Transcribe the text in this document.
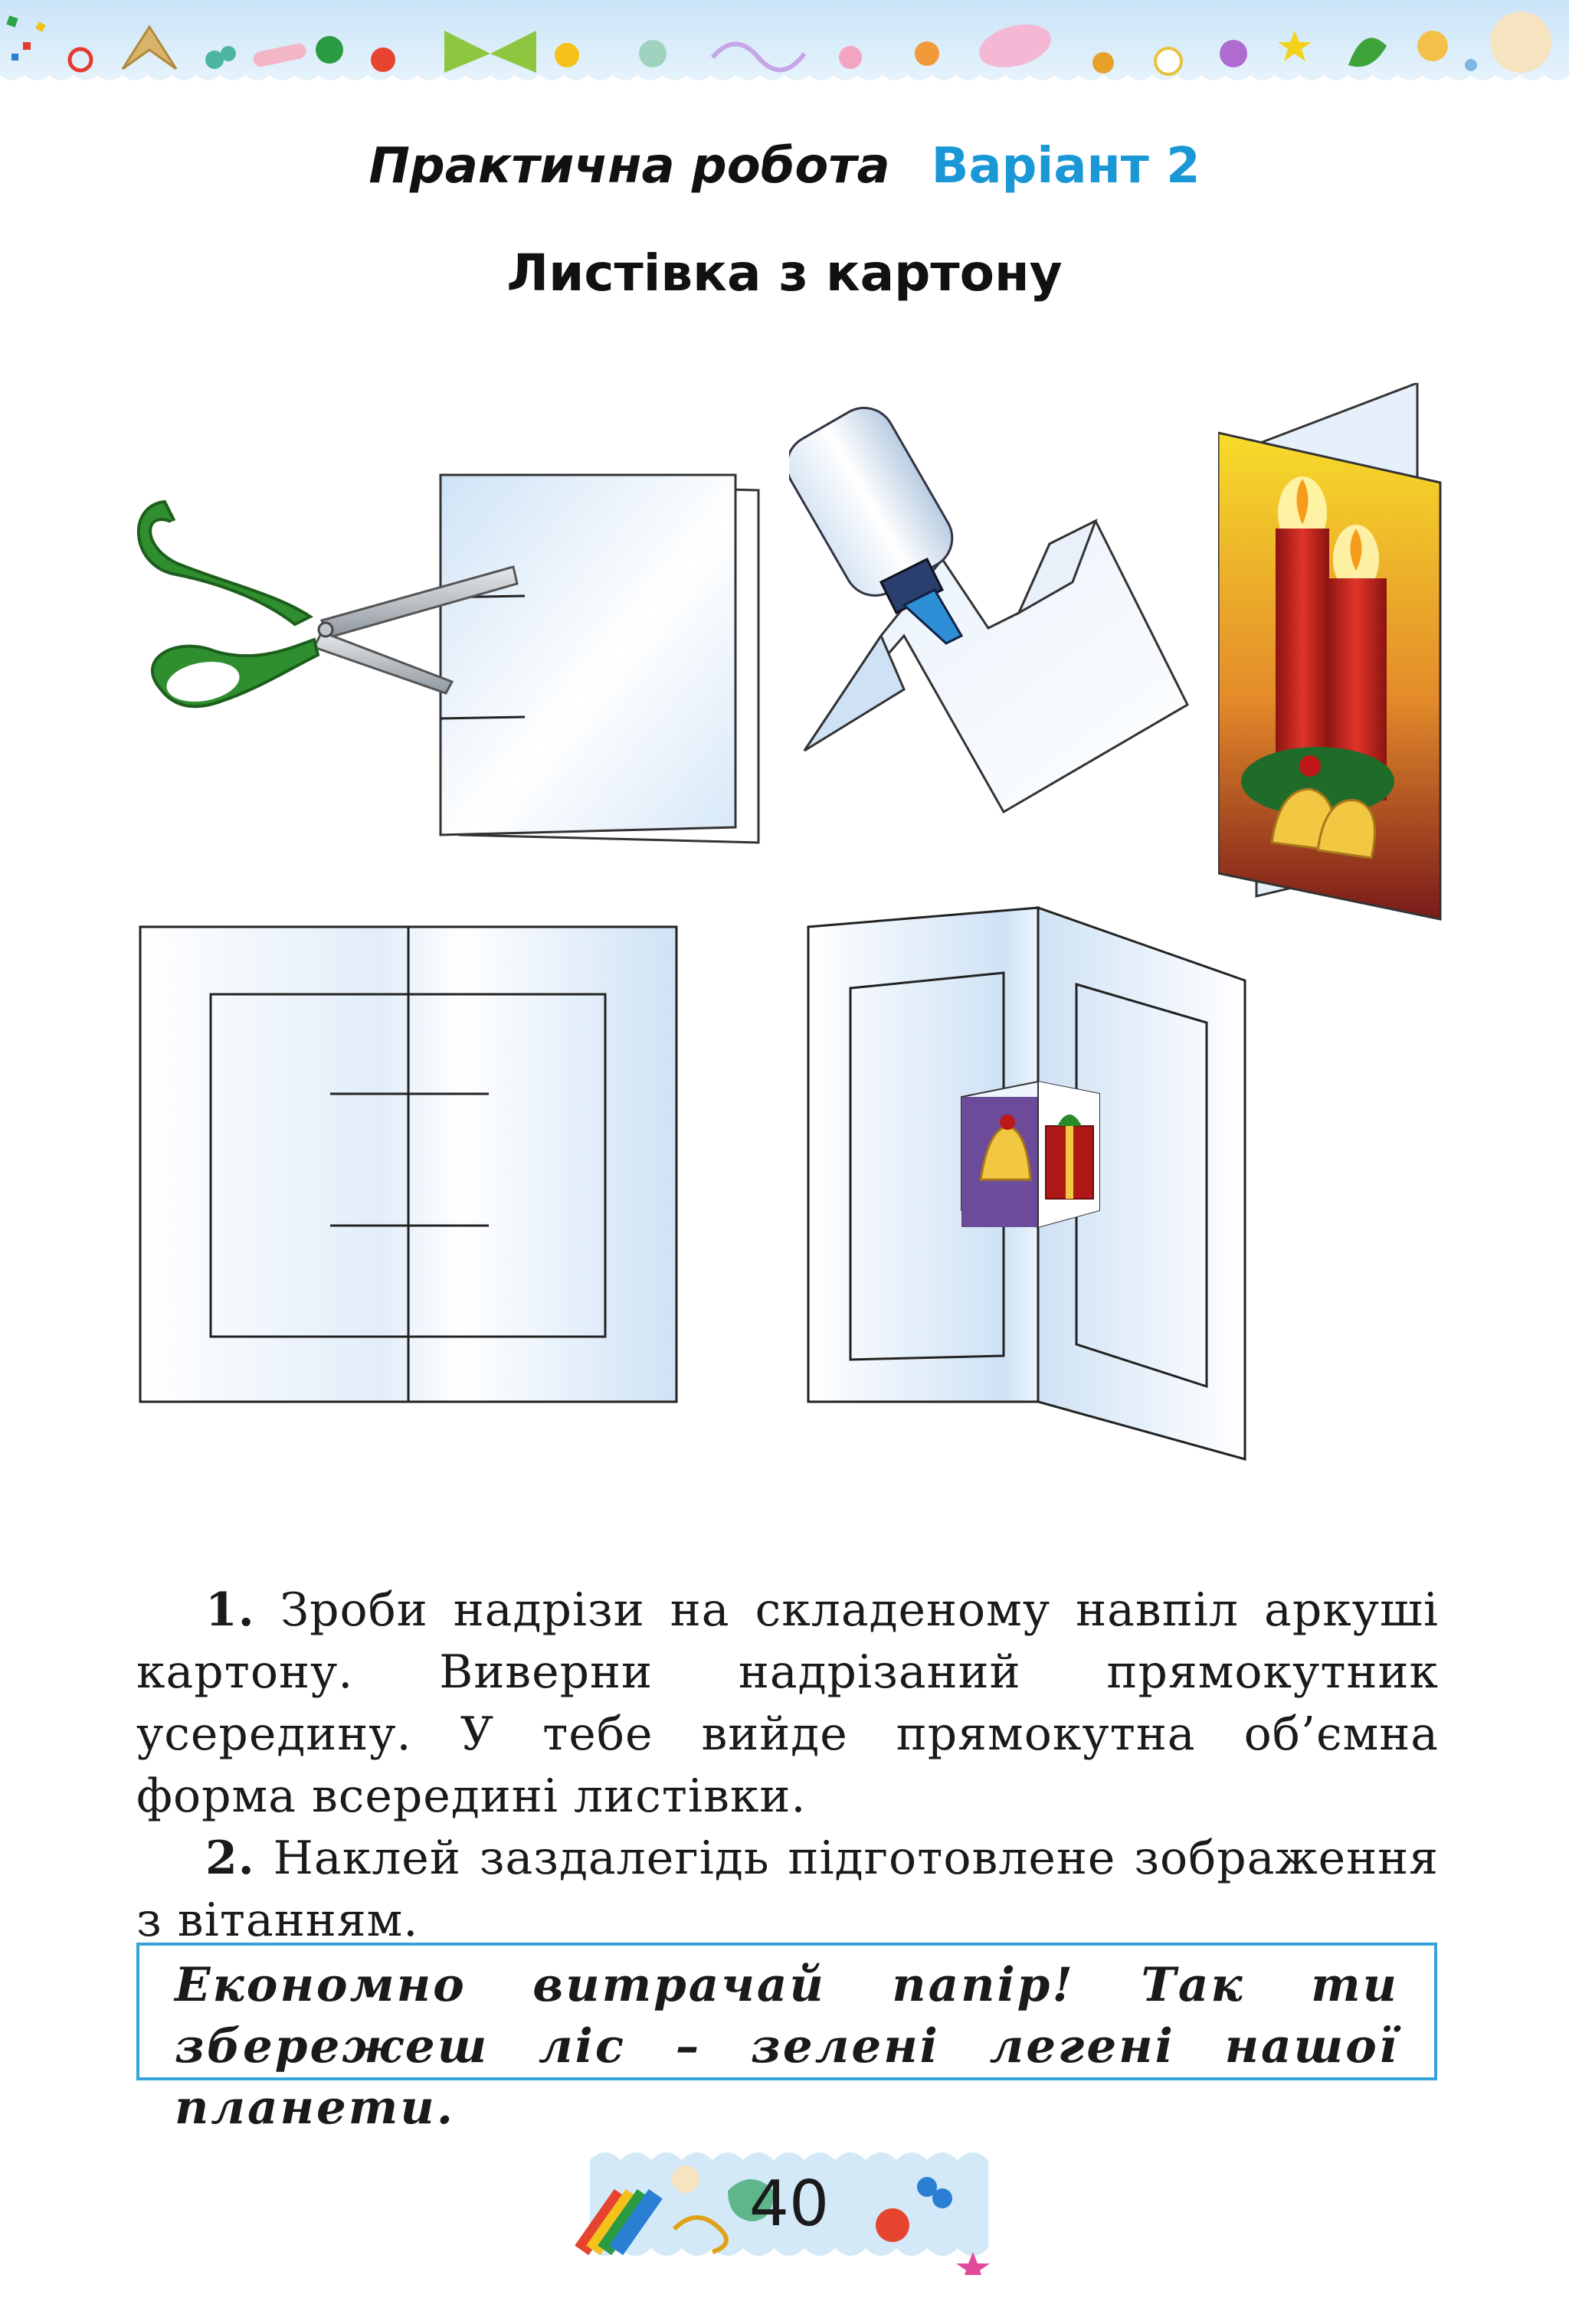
Практична робота Варіант 2
Листівка з картону

1. Зроби надрізи на складеному навпіл аркуші картону. Виверни надрізаний прямокутник усередину. У тебе вийде прямокутна об’ємна форма всередині листівки.

2. Наклей заздалегідь підготовлене зображення з вітанням.

Економно витрачай папір! Так ти збережеш ліс – зелені легені нашої планети.
40
